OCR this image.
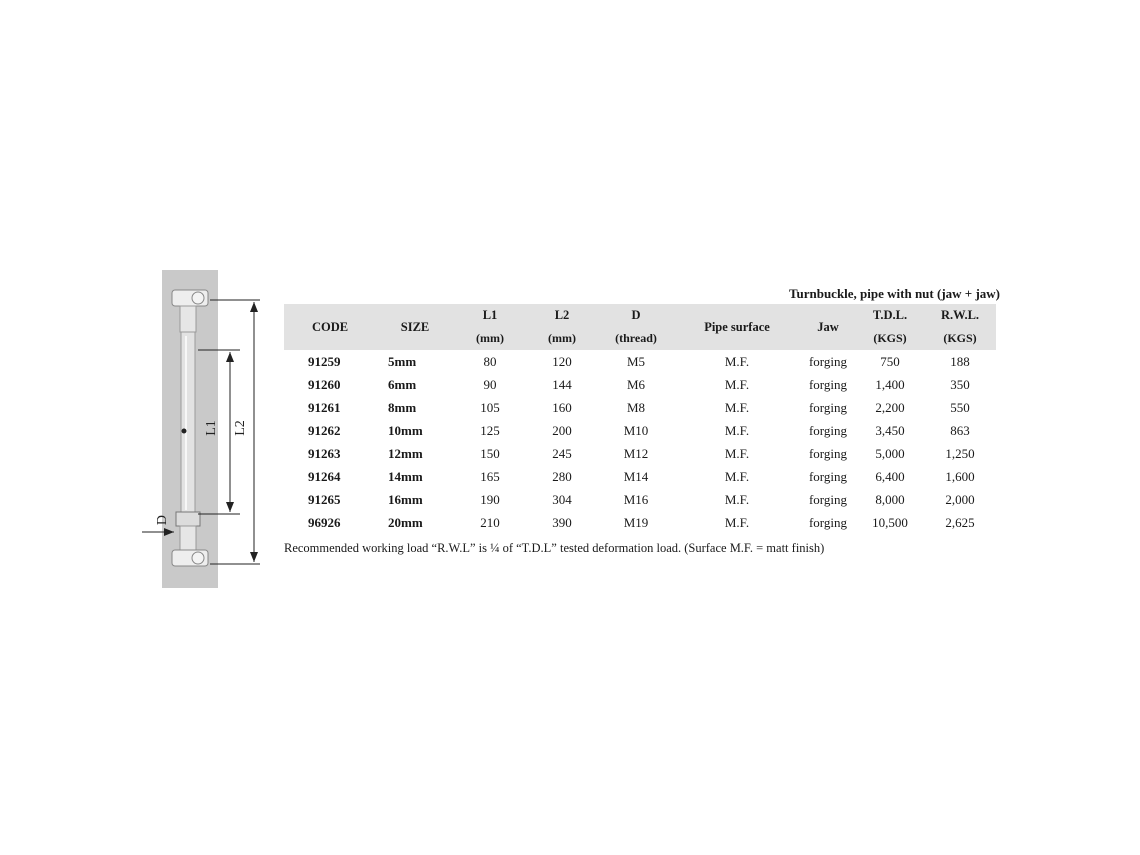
L1 L2
D
Turnbuckle, pipe with nut (jaw + jaw)
CODE	SIZE	L1	L2	D	Pipe surface	Jaw	T.D.L.	R.W.L.
		(mm)	(mm)	(thread)			(KGS)	(KGS)
91259	5mm	80	120	M5	M.F.	forging	750	188
91260	6mm	90	144	M6	M.F.	forging	1,400	350
91261	8mm	105	160	M8	M.F.	forging	2,200	550
91262	10mm	125	200	M10	M.F.	forging	3,450	863
91263	12mm	150	245	M12	M.F.	forging	5,000	1,250
91264	14mm	165	280	M14	M.F.	forging	6,400	1,600
91265	16mm	190	304	M16	M.F.	forging	8,000	2,000
96926	20mm	210	390	M19	M.F.	forging	10,500	2,625
Recommended working load “R.W.L” is ¼ of “T.D.L” tested deformation load. (Surface M.F. = matt finish)
